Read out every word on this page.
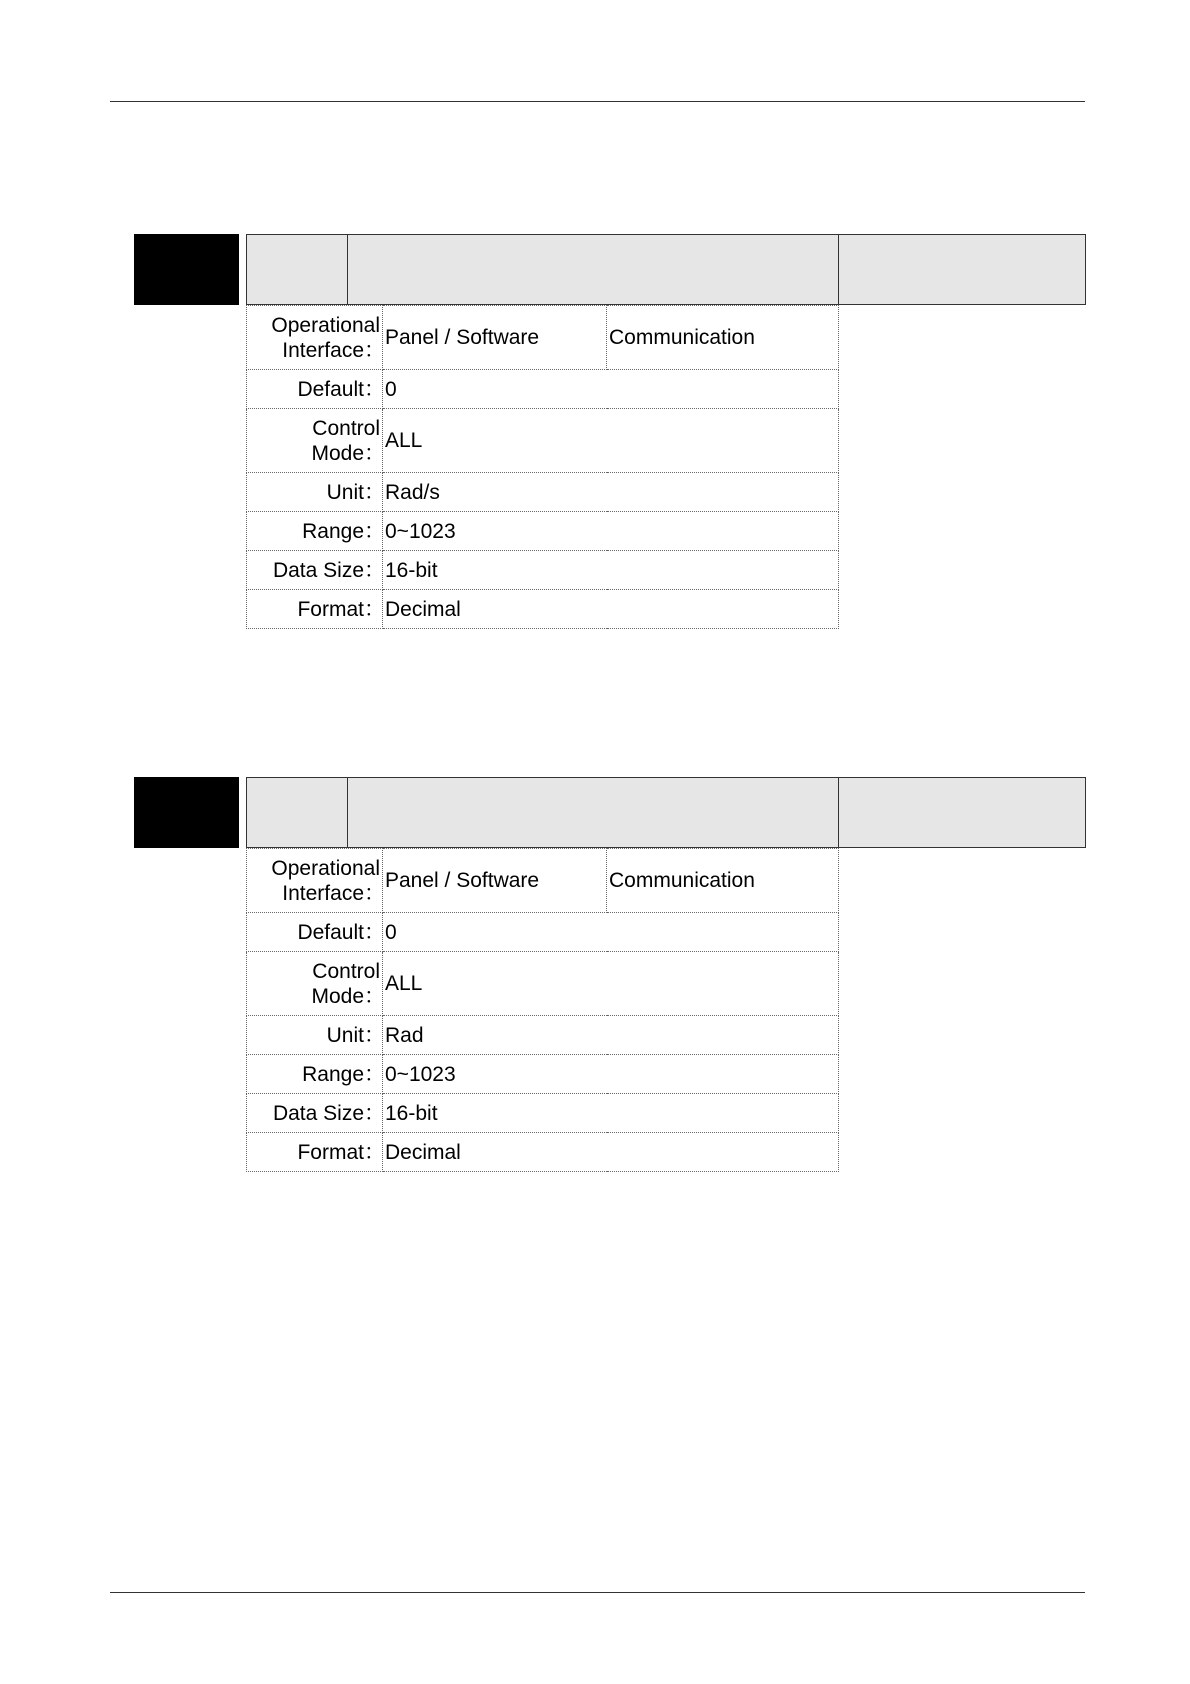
Operational
Interface：	Panel / Software	Communication
Default：	0	
Control
Mode：	ALL	
Unit：	Rad/s	
Range：	0~1023	
Data Size：	16-bit	
Format：	Decimal	
Operational
Interface：	Panel / Software	Communication
Default：	0	
Control
Mode：	ALL	
Unit：	Rad	
Range：	0~1023	
Data Size：	16-bit	
Format：	Decimal	
